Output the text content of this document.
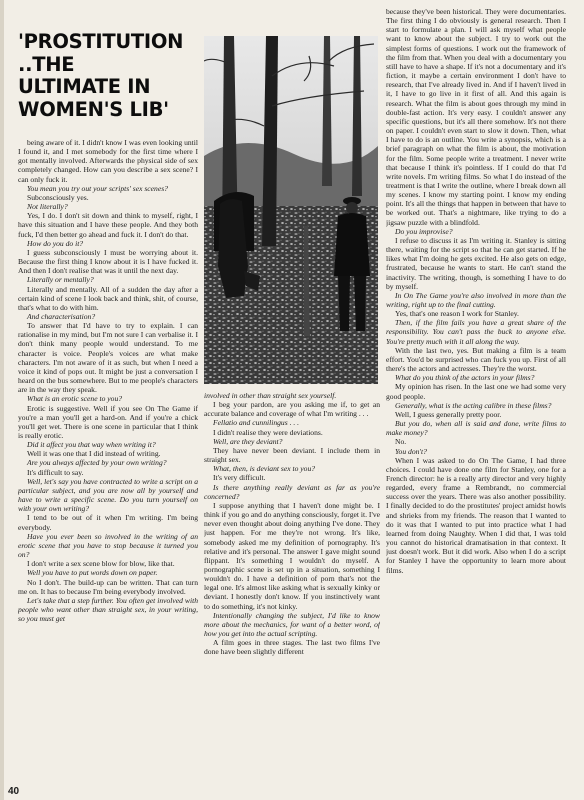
'PROSTITUTION
..THE
ULTIMATE IN
WOMEN'S LIB'

being aware of it. I didn't know I was even looking until I found it, and I met somebody for the first time where I got mentally involved. Afterwards the physical side of sex completely changed. How can you describe a sex scene? I can only fuck it.

You mean you try out your scripts' sex scenes?

Subconsciously yes.

Not literally?

Yes, I do. I don't sit down and think to myself, right, I have this situation and I have these people. And they both fuck, I'd then better go ahead and fuck it. I don't do that.

How do you do it?

I guess subconsciously I must be worrying about it. Because the first thing I know about it is I have fucked it. And then I don't realise that was it until the next day.

Literally or mentally?

Literally and mentally. All of a sudden the day after a certain kind of scene I look back and think, shit, of course, that's what to do with him.

And characterisation?

To answer that I'd have to try to explain. I can rationalise in my mind, but I'm not sure I can verbalise it. I don't think many people would understand. To me character is voice. People's voices are what make characters. I'm not aware of it as such, but when I need a voice it kind of pops out. It might be just a conversation I heard on the bus somewhere. But to me people's characters are in the way they speak.

What is an erotic scene to you?

Erotic is suggestive. Well if you see On The Game if you're a man you'll get a hard-on. And if you're a chick you'll get wet. There is one scene in particular that I think is really erotic.

Did it affect you that way when writing it?

Well it was one that I did instead of writing.

Are you always affected by your own writing?

It's difficult to say.

Well, let's say you have contracted to write a script on a particular subject, and you are now all by yourself and have to write a specific scene. Do you turn yourself on with your own writing?

I tend to be out of it when I'm writing. I'm being everybody.

Have you ever been so involved in the writing of an erotic scene that you have to stop because it turned you on?

I don't write a sex scene blow for blow, like that.

Well you have to put words down on paper.

No I don't. The build-up can be written. That can turn me on. It has to because I'm being everybody involved.

Let's take that a step further. You often get involved with people who want other than straight sex, in your writing, so you must get

involved in other than straight sex yourself.

I beg your pardon, are you asking me if, to get an accurate balance and coverage of what I'm writing . . .

Fellatio and cunnilingus . . .

I didn't realise they were deviations.

Well, are they deviant?

They have never been deviant. I include them in straight sex.

What, then, is deviant sex to you?

It's very difficult.

Is there anything really deviant as far as you're concerned?

I suppose anything that I haven't done might be. I think if you go and do anything consciously, forget it. I've never even thought about doing anything I've done. They just happen. For me they're not wrong. It's like, somebody asked me my definition of pornography. It's relative and it's personal. The answer I gave might sound flippant. It's something I wouldn't do myself. A pornographic scene is set up in a situation, something I wouldn't do. I have a definition of porn that's not the legal one. It's almost like asking what is sexually kinky or deviant. I honestly don't know. If you instinctively want to do something, it's not kinky.

Intentionally changing the subject, I'd like to know more about the mechanics, for want of a better word, of how you get into the actual scripting.

A film goes in three stages. The last two films I've done have been slightly different

because they've been historical. They were documentaries. The first thing I do obviously is general research. Then I start to formulate a plan. I will ask myself what people want to know about the subject. I try to work out the simplest forms of questions. I work out the framework of the film from that. When you deal with a documentary you still have to have a shape. If it's not a documentary and it's fiction, it maybe a certain environment I don't have to research, that I've already lived in. And if I haven't lived in it, I have to go live in it first of all. And this again is research. What the film is about goes through my mind in double-fast action. It's very easy. I couldn't answer any specific questions, but it's all there somehow. It's not there on paper. I couldn't even start to slow it down. Then, what I have to do is an outline. You write a synopsis, which is a brief paragraph on what the film is about, the motivation for the film. Some people write a treatment. I never write that because I think it's pointless. If I could do that I'd write novels. I'm writing films. So what I do instead of the treatment is that I write the outline, where I break down all my scenes. I know my starting point. I know my ending point. It's all the things that happen in between that have to be worked out. That's a nightmare, like trying to do a jigsaw puzzle with a blindfold.

Do you improvise?

I refuse to discuss it as I'm writing it. Stanley is sitting there, waiting for the script so that he can get started. If he likes what I'm doing he gets excited. He also gets on edge, frustrated, because he wants to start. He can't stand the inactivity. The writing, though, is something I have to do by myself.

In On The Game you're also involved in more than the writing, right up to the final cutting.

Yes, that's one reason I work for Stanley.

Then, if the film fails you have a great share of the responsibility. You can't pass the buck to anyone else. You're pretty much with it all along the way.

With the last two, yes. But making a film is a team effort. You'd be surprised who can fuck you up. First of all there's the actors and actresses. They're the worst.

What do you think of the actors in your films?

My opinion has risen. In the last one we had some very good people.

Generally, what is the acting calibre in these films?

Well, I guess generally pretty poor.

But you do, when all is said and done, write films to make money?

No.

You don't?

When I was asked to do On The Game, I had three choices. I could have done one film for Stanley, one for a French director: he is a really arty director and very highly regarded, every frame a Rembrandt, no commercial success over the years. There was also another possibility. I finally decided to do the prostitutes' project amidst howls and shrieks from my friends. The reason that I wanted to do it was that I wanted to put into practice what I had learned from doing Naughty. When I did that, I was told you cannot do historical dramatisation in that context. It just doesn't work. But it did work. Also when I do a script for Stanley I have the opportunity to learn more about films.

40
